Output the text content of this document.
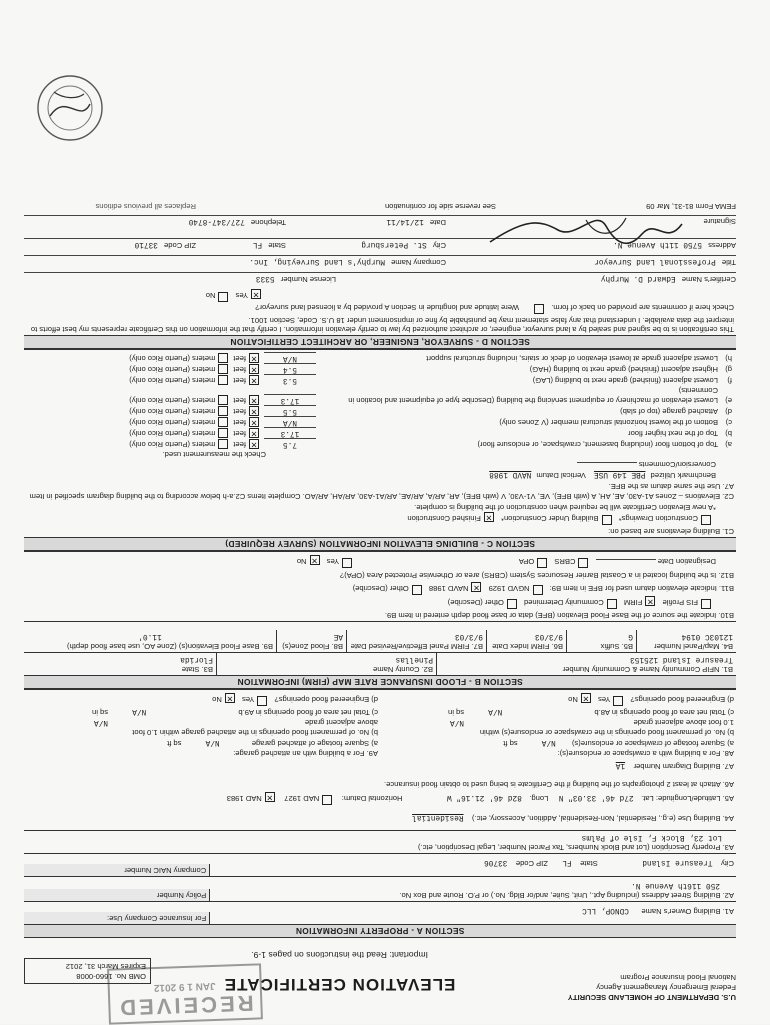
RECEIVED
JAN 1 9 2012
U.S. DEPARTMENT OF HOMELAND SECURITY
Federal Emergency Management Agency
National Flood Insurance Program
ELEVATION CERTIFICATE
Important: Read the instructions on pages 1-9.
OMB No. 1660-0008
Expires March 31, 2012
SECTION A - PROPERTY INFORMATION
A1. Building Owner's Name CDNOP, LLC
For Insurance Company Use:
A2. Building Street Address (including Apt., Unit, Suite, and/or Bldg. No.) or P.O. Route and Box No.
250 116th Avenue N.
Policy Number
City Treasure Island State FL ZIP Code 33706
Company NAIC Number
A3. Property Description (Lot and Block Numbers, Tax Parcel Number, Legal Description, etc.)
Lot 23, Block F, Isle of Palms
A4. Building Use (e.g., Residential, Non-Residential, Addition, Accessory, etc.) Residential
A5. Latitude/Longitude: Lat. 27d 46' 33.03" N Long. 82d 46' 21.16" W Horizontal Datum: NAD 1927 ✕NAD 1983
A6. Attach at least 2 photographs of the building if the Certificate is being used to obtain flood insurance.
A7. Building Diagram Number 1A
A8. For a building with a crawlspace or enclosure(s):
a) Square footage of crawlspace or enclosure(s) N/A sq ft
b) No. of permanent flood openings in the crawlspace or enclosure(s) within 1.0 foot above adjacent grade
N/A
c) Total net area of flood openings in A8.b N/A sq in
d) Engineered flood openings? Yes ✕No
A9. For a building with an attached garage:
a) Square footage of attached garage N/A sq ft
b) No. of permanent flood openings in the attached garage within 1.0 foot above adjacent grade
N/A
c) Total net area of flood openings in A9.b N/A sq in
d) Engineered flood openings? Yes ✕No
SECTION B - FLOOD INSURANCE RATE MAP (FIRM) INFORMATION
B1. NFIP Community Name & Community Number
Treasure Island 125153
B2. County Name
Pinellas
B3. State
Florida
B4. Map/Panel Number
12103C 0194
B5. Suffix
G
B6. FIRM Index Date
9/3/03
B7. FIRM Panel Effective/Revised Date
9/3/03
B8. Flood Zone(s)
AE
B9. Base Flood Elevation(s) (Zone AO, use base flood depth)
11.0'
B10. Indicate the source of the Base Flood Elevation (BFE) data or base flood depth entered in Item B9.
FIS Profile ✕FIRM Community Determined Other (Describe)
B11. Indicate elevation datum used for BFE in Item B9: NGVD 1929 ✕NAVD 1988 Other (Describe)
B12. Is the building located in a Coastal Barrier Resources System (CBRS) area or Otherwise Protected Area (OPA)?
Designation Date  CBRS OPA Yes ✕No
SECTION C - BUILDING ELEVATION INFORMATION (SURVEY REQUIRED)
C1. Building elevations are based on:
Construction Drawings* Building Under Construction* ✕Finished Construction
*A new Elevation Certificate will be required when construction of the building is complete.
C2. Elevations – Zones A1-A30, AE, AH, A (with BFE), VE, V1-V30, V (with BFE), AR, AR/A, AR/AE, AR/A1-A30, AR/AH, AR/AO. Complete Items C2.a-h below according to the building diagram specified in Item A7. Use the same datum as the BFE.
Benchmark Utilized PBE 149 USE Vertical Datum NAVD 1988
Conversion/Comments
Check the measurement used.
a)
Top of bottom floor (including basement, crawlspace, or enclosure floor)
7.5
✕
feet
meters (Puerto Rico only)
b)
Top of the next higher floor
17.3
✕
feet
meters (Puerto Rico only)
c)
Bottom of the lowest horizontal structural member (V Zones only)
N/A
✕
feet
meters (Puerto Rico only)
d)
Attached garage (top of slab)
5.5
✕
feet
meters (Puerto Rico only)
e)
Lowest elevation of machinery or equipment servicing the building (Describe type of equipment and location in Comments)
17.3
✕
feet
meters (Puerto Rico only)
f)
Lowest adjacent (finished) grade next to building (LAG)
5.3
✕
feet
meters (Puerto Rico only)
g)
Highest adjacent (finished) grade next to building (HAG)
5.4
✕
feet
meters (Puerto Rico only)
h)
Lowest adjacent grade at lowest elevation of deck or stairs, including structural support
N/A
✕
feet
meters (Puerto Rico only)
SECTION D - SURVEYOR, ENGINEER, OR ARCHITECT CERTIFICATION
This certification is to be signed and sealed by a land surveyor, engineer, or architect authorized by law to certify elevation information. I certify that the information on this Certificate represents my best efforts to interpret the data available. I understand that any false statement may be punishable by fine or imprisonment under 18 U.S. Code, Section 1001.
Check here if comments are provided on back of form.  Were latitude and longitude in Section A provided by a licensed land surveyor?
✕Yes No
Certifier's Name Edward D. Murphy
License Number 5333
Title Professional Land Surveyor
Company Name Murphy's Land Surveying, Inc.
Address 5750 11th Avenue N.
City St. Petersburg
State FL
ZIP Code 33710
Signature
Date 12/14/11
Telephone 727/347-8740
FEMA Form 81-31, Mar 09
See reverse side for continuation
Replaces all previous editions
